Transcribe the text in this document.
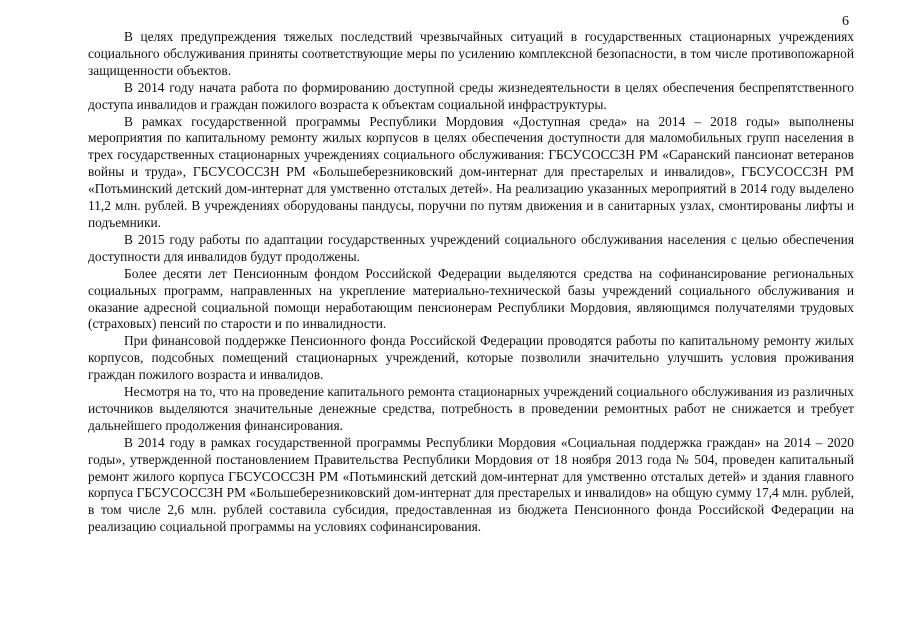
6

В целях предупреждения тяжелых последствий чрезвычайных ситуаций в государственных стационарных учреждениях социального обслуживания приняты соответствующие меры по усилению комплексной безопасности, в том числе противопожарной защищенности объектов.

В 2014 году начата работа по формированию доступной среды жизнедеятельности в целях обеспечения беспрепятственного доступа инвалидов и граждан пожилого возраста к объектам социальной инфраструктуры.

В рамках государственной программы Республики Мордовия «Доступная среда» на 2014 – 2018 годы» выполнены мероприятия по капитальному ремонту жилых корпусов в целях обеспечения доступности для маломобильных групп населения в трех государственных стационарных учреждениях социального обслуживания: ГБСУСОССЗН РМ «Саранский пансионат ветеранов войны и труда», ГБСУСОССЗН РМ «Большеберезниковский дом-интернат для престарелых и инвалидов», ГБСУСОССЗН РМ «Потьминский детский дом-интернат для умственно отсталых детей». На реализацию указанных мероприятий в 2014 году выделено 11,2 млн. рублей. В учреждениях оборудованы пандусы, поручни по путям движения и в санитарных узлах, смонтированы лифты и подъемники.

В 2015 году работы по адаптации государственных учреждений социального обслуживания населения с целью обеспечения доступности для инвалидов будут продолжены.

Более десяти лет Пенсионным фондом Российской Федерации выделяются средства на софинансирование региональных социальных программ, направленных на укрепление материально-технической базы учреждений социального обслуживания и оказание адресной социальной помощи неработающим пенсионерам Республики Мордовия, являющимся получателями трудовых (страховых) пенсий по старости и по инвалидности.

При финансовой поддержке Пенсионного фонда Российской Федерации проводятся работы по капитальному ремонту жилых корпусов, подсобных помещений стационарных учреждений, которые позволили значительно улучшить условия проживания граждан пожилого возраста и инвалидов.

Несмотря на то, что на проведение капитального ремонта стационарных учреждений социального обслуживания из различных источников выделяются значительные денежные средства, потребность в проведении ремонтных работ не снижается и требует дальнейшего продолжения финансирования.

В 2014 году в рамках государственной программы Республики Мордовия «Социальная поддержка граждан» на 2014 – 2020 годы», утвержденной постановлением Правительства Республики Мордовия от 18 ноября 2013 года № 504, проведен капитальный ремонт жилого корпуса ГБСУСОССЗН РМ «Потьминский детский дом-интернат для умственно отсталых детей» и здания главного корпуса ГБСУСОССЗН РМ «Большеберезниковский дом-интернат для престарелых и инвалидов» на общую сумму 17,4 млн. рублей, в том числе 2,6 млн. рублей составила субсидия, предоставленная из бюджета Пенсионного фонда Российской Федерации на реализацию социальной программы на условиях софинансирования.
